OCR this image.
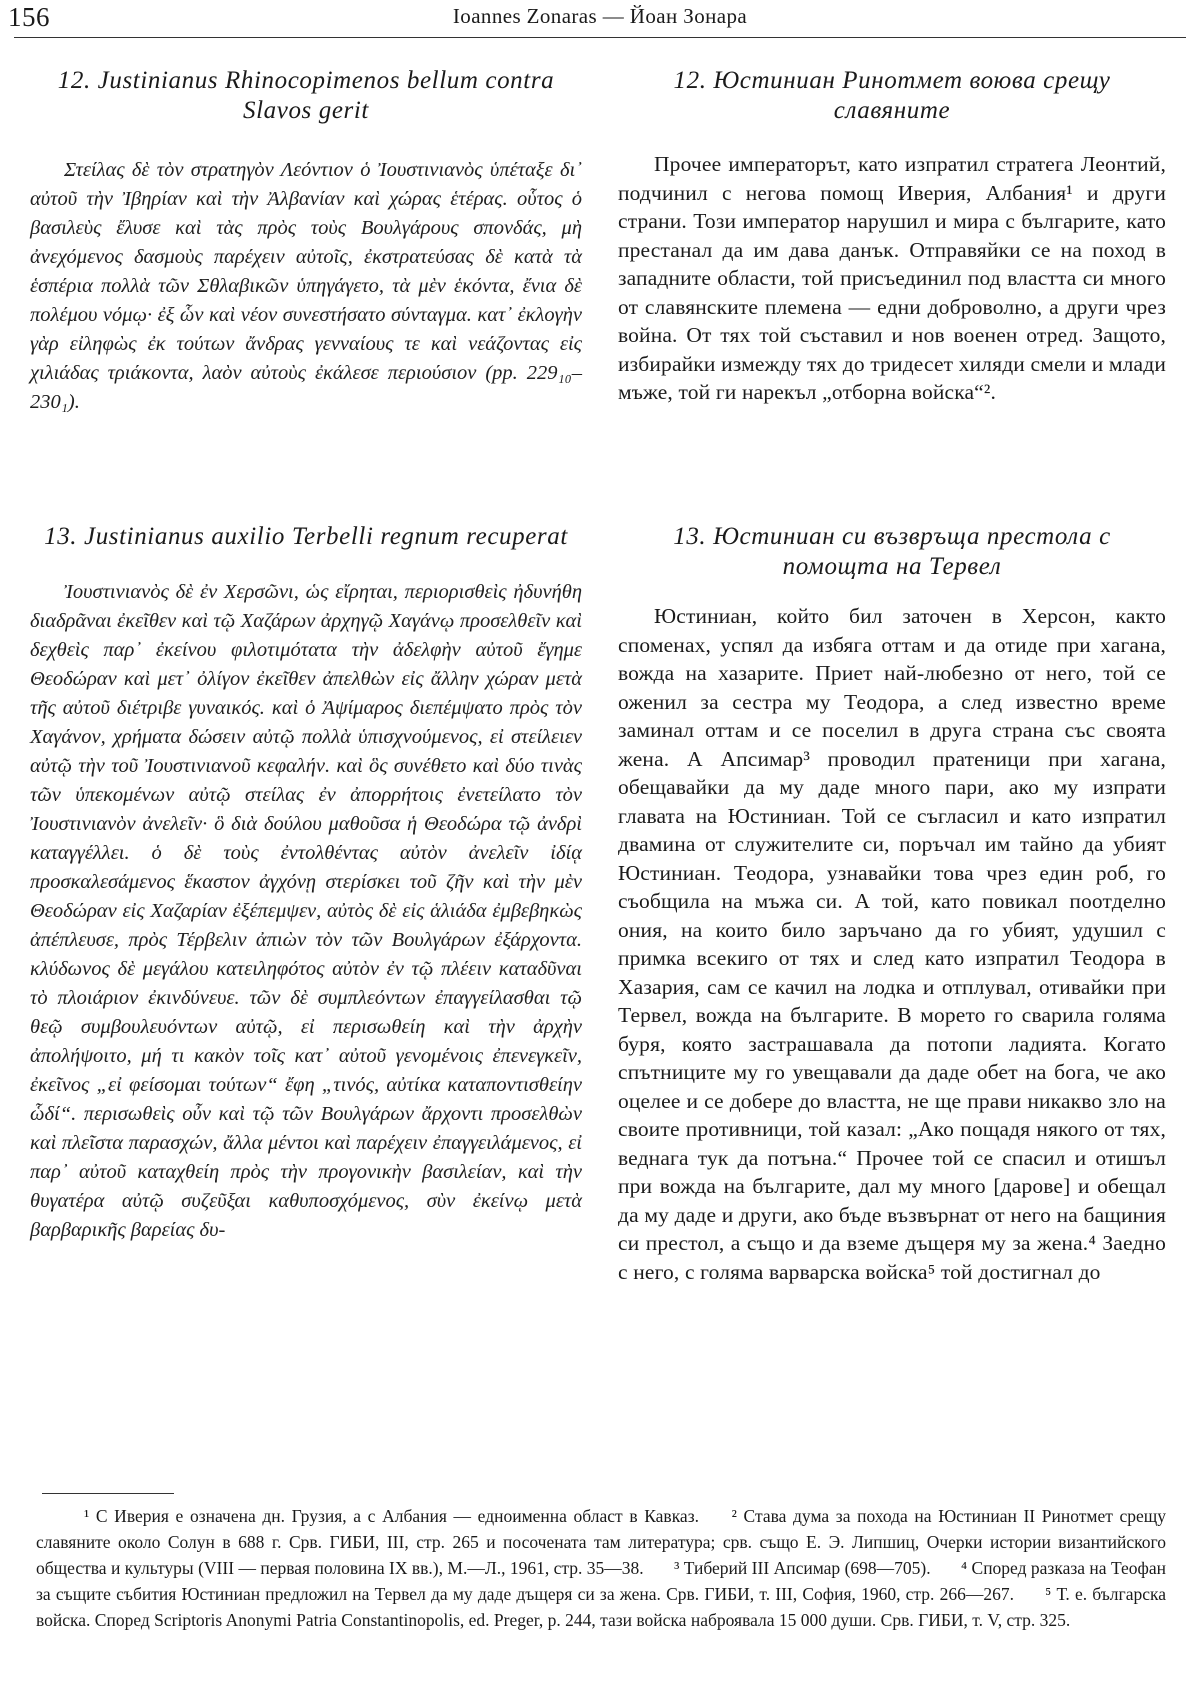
156	Ioannes Zonaras — Йоан Зонара
12. Justinianus Rhinocopimenos bellum contra Slavos gerit

Στείλας δὲ τὸν στρατηγὸν Λεόντιον ὁ Ἰουστινιανὸς ὑπέταξε δι᾽ αὐτοῦ τὴν Ἰβηρίαν καὶ τὴν Ἀλβανίαν καὶ χώρας ἑτέρας. οὗτος ὁ βασιλεὺς ἔλυσε καὶ τὰς πρὸς τοὺς Βουλγάρους σπονδάς, μὴ ἀνεχόμενος δασμοὺς παρέχειν αὐτοῖς, ἐκστρατεύσας δὲ κατὰ τὰ ἑσπέρια πολλὰ τῶν Σθλαβικῶν ὑπηγάγετο, τὰ μὲν ἑκόντα, ἔνια δὲ πολέμου νόμῳ· ἐξ ὧν καὶ νέον συνεστήσατο σύνταγμα. κατ᾽ ἐκλογὴν γὰρ εἰληφὼς ἐκ τούτων ἄνδρας γενναίους τε καὶ νεάζοντας εἰς χιλιάδας τριάκοντα, λαὸν αὐτοὺς ἐκάλεσε περιούσιον (pp. 229₁₀–230₁).

12. Юстиниан Ринотмет воюва срещу славяните

Прочее императорът, като изпратил стратега Леонтий, подчинил с негова помощ Иверия, Албания¹ и други страни. Този император нарушил и мира с българите, като престанал да им дава данък. Отправяйки се на поход в западните области, той присъединил под властта си много от славянските племена — едни доброволно, а други чрез война. От тях той съставил и нов военен отред. Защото, избирайки измежду тях до тридесет хиляди смели и млади мъже, той ги нарекъл „отборна войска“².

13. Justinianus auxilio Terbelli regnum recuperat

Ἰουστινιανὸς δὲ ἐν Χερσῶνι, ὡς εἴρηται, περιορισθεὶς ἠδυνήθη διαδρᾶναι ἐκεῖθεν καὶ τῷ Χαζάρων ἀρχηγῷ Χαγάνῳ προσελθεῖν καὶ δεχθεὶς παρ᾽ ἐκείνου φιλοτιμότατα τὴν ἀδελφὴν αὐτοῦ ἔγημε Θεοδώραν καὶ μετ᾽ ὀλίγον ἐκεῖθεν ἀπελθὼν εἰς ἄλλην χώραν μετὰ τῆς αὐτοῦ διέτριβε γυναικός. καὶ ὁ Ἀψίμαρος διεπέμψατο πρὸς τὸν Χαγάνον, χρήματα δώσειν αὐτῷ πολλὰ ὑπισχνούμενος, εἰ στείλειεν αὐτῷ τὴν τοῦ Ἰουστινιανοῦ κεφαλήν. καὶ ὃς συνέθετο καὶ δύο τινὰς τῶν ὑπεκομένων αὐτῷ στείλας ἐν ἀπορρήτοις ἐνετείλατο τὸν Ἰουστινιανὸν ἀνελεῖν· ὃ διὰ δούλου μαθοῦσα ἡ Θεοδώρα τῷ ἀνδρὶ καταγγέλλει. ὁ δὲ τοὺς ἐντολθέντας αὐτὸν ἀνελεῖν ἰδίᾳ προσκαλεσάμενος ἕκαστον ἀγχόνῃ στερίσκει τοῦ ζῆν καὶ τὴν μὲν Θεοδώραν εἰς Χαζαρίαν ἐξέπεμψεν, αὐτὸς δὲ εἰς ἁλιάδα ἐμβεβηκὼς ἀπέπλευσε, πρὸς Τέρβελιν ἀπιὼν τὸν τῶν Βουλγάρων ἐξάρχοντα. κλύδωνος δὲ μεγάλου κατειληφότος αὐτὸν ἐν τῷ πλέειν καταδῦναι τὸ πλοιάριον ἐκινδύνευε. τῶν δὲ συμπλεόντων ἐπαγγείλασθαι τῷ θεῷ συμβουλευόντων αὐτῷ, εἰ περισωθείη καὶ τὴν ἀρχὴν ἀπολήψοιτο, μή τι κακὸν τοῖς κατ᾽ αὐτοῦ γενομένοις ἐπενεγκεῖν, ἐκεῖνος „εἰ φείσομαι τούτων“ ἔφη „τινός, αὐτίκα καταποντισθείην ὧδί“. περισωθεὶς οὖν καὶ τῷ τῶν Βουλγάρων ἄρχοντι προσελθὼν καὶ πλεῖστα παρασχών, ἄλλα μέντοι καὶ παρέχειν ἐπαγγειλάμενος, εἰ παρ᾽ αὐτοῦ καταχθείη πρὸς τὴν προγονικὴν βασιλείαν, καὶ τὴν θυγατέρα αὐτῷ συζεῦξαι καθυποσχόμενος, σὺν ἐκείνῳ μετὰ βαρβαρικῆς βαρείας δυ-

13. Юстиниан си възвръща престола с помощта на Тервел

Юстиниан, който бил заточен в Херсон, както споменах, успял да избяга оттам и да отиде при хагана, вожда на хазарите. Приет най-любезно от него, той се оженил за сестра му Теодора, а след известно време заминал оттам и се поселил в друга страна със своята жена. А Апсимар³ проводил пратеници при хагана, обещавайки да му даде много пари, ако му изпрати главата на Юстиниан. Той се съгласил и като изпратил двамина от служителите си, поръчал им тайно да убият Юстиниан. Теодора, узнавайки това чрез един роб, го съобщила на мъжа си. А той, като повикал поотделно ония, на които било заръчано да го убият, удушил с примка всекиго от тях и след като изпратил Теодора в Хазария, сам се качил на лодка и отплувал, отивайки при Тервел, вожда на българите. В морето го сварила голяма буря, която застрашавала да потопи ладията. Когато спътниците му го увещавали да даде обет на бога, че ако оцелее и се добере до властта, не ще прави никакво зло на своите противници, той казал: „Ако пощадя някого от тях, веднага тук да потъна.“ Прочее той се спасил и отишъл при вожда на българите, дал му много [дарове] и обещал да му даде и други, ако бъде възвърнат от него на бащиния си престол, а също и да вземе дъщеря му за жена.⁴ Заедно с него, с голяма варварска войска⁵ той достигнал до

¹ С Иверия е означена дн. Грузия, а с Албания — едноименна област в Кавказ. ² Става дума за похода на Юстиниан II Ринотмет срещу славяните около Солун в 688 г. Срв. ГИБИ, III, стр. 265 и посочената там литература; срв. също Е. Э. Липшиц, Очерки истории византийского общества и культуры (VIII — первая половина IX вв.), М.—Л., 1961, стр. 35—38. ³ Тиберий III Апсимар (698—705). ⁴ Според разказа на Теофан за същите събития Юстиниан предложил на Тервел да му даде дъщеря си за жена. Срв. ГИБИ, т. III, София, 1960, стр. 266—267. ⁵ Т. е. българска войска. Според Scriptoris Anonymi Patria Constantinopolis, ed. Preger, p. 244, тази войска наброявала 15 000 души. Срв. ГИБИ, т. V, стр. 325.
